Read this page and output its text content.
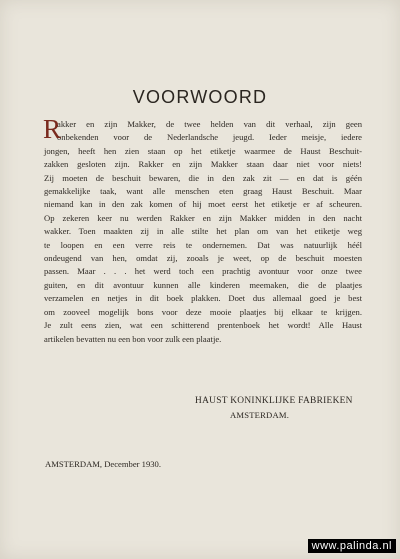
VOORWOORD
R
akker en zijn Makker, de twee helden van dit verhaal, zijn geen
onbekenden voor de Nederlandsche jeugd. Ieder meisje, iedere
jongen, heeft hen zien staan op het etiketje waarmee de Haust Beschuit-
zakken gesloten zijn. Rakker en zijn Makker staan daar niet voor niets!
Zij moeten de beschuit bewaren, die in den zak zit — en dat is géén
gemakkelijke taak, want alle menschen eten graag Haust Beschuit. Maar
niemand kan in den zak komen of hij moet eerst het etiketje er af scheuren.
Op zekeren keer nu werden Rakker en zijn Makker midden in den nacht
wakker. Toen maakten zij in alle stilte het plan om van het etiketje weg
te loopen en een verre reis te ondernemen. Dat was natuurlijk héél
ondeugend van hen, omdat zij, zooals je weet, op de beschuit moesten
passen. Maar . . . het werd toch een prachtig avontuur voor onze twee
guiten, en dit avontuur kunnen alle kinderen meemaken, die de plaatjes
verzamelen en netjes in dit boek plakken. Doet dus allemaal goed je best
om zooveel mogelijk bons voor deze mooie plaatjes bij elkaar te krijgen.
Je zult eens zien, wat een schitterend prentenboek het wordt! Alle Haust
artikelen bevatten nu een bon voor zulk een plaatje.
HAUST KONINKLIJKE FABRIEKEN
AMSTERDAM.
AMSTERDAM, December 1930.
www.palinda.nl
